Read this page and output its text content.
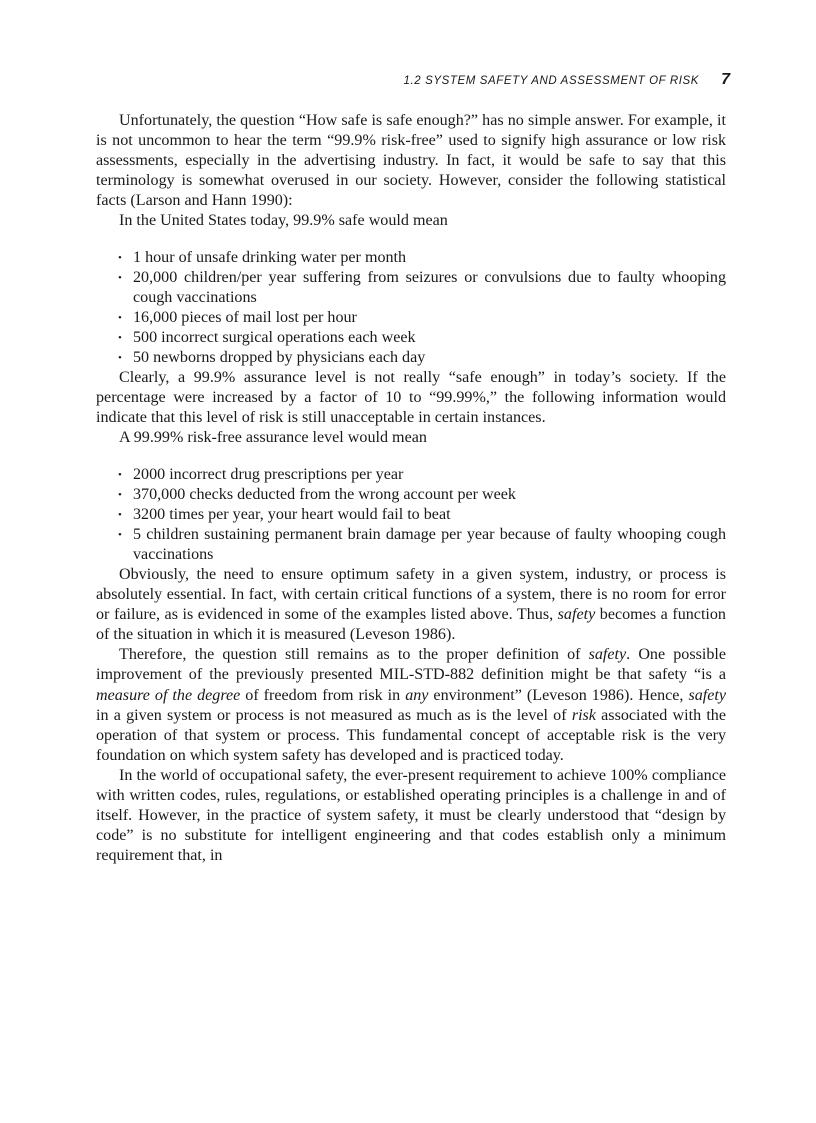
1.2 SYSTEM SAFETY AND ASSESSMENT OF RISK 7

Unfortunately, the question “How safe is safe enough?” has no simple answer. For example, it is not uncommon to hear the term “99.9% risk-free” used to signify high assurance or low risk assessments, especially in the advertising industry. In fact, it would be safe to say that this terminology is somewhat overused in our society. However, consider the following statistical facts (Larson and Hann 1990):

In the United States today, 99.9% safe would mean

• 1 hour of unsafe drinking water per month
• 20,000 children/per year suffering from seizures or convulsions due to faulty whooping cough vaccinations
• 16,000 pieces of mail lost per hour
• 500 incorrect surgical operations each week
• 50 newborns dropped by physicians each day

Clearly, a 99.9% assurance level is not really “safe enough” in today’s society. If the percentage were increased by a factor of 10 to “99.99%,” the following information would indicate that this level of risk is still unacceptable in certain instances.

A 99.99% risk-free assurance level would mean

• 2000 incorrect drug prescriptions per year
• 370,000 checks deducted from the wrong account per week
• 3200 times per year, your heart would fail to beat
• 5 children sustaining permanent brain damage per year because of faulty whooping cough vaccinations

Obviously, the need to ensure optimum safety in a given system, industry, or process is absolutely essential. In fact, with certain critical functions of a system, there is no room for error or failure, as is evidenced in some of the examples listed above. Thus, safety becomes a function of the situation in which it is measured (Leveson 1986).

Therefore, the question still remains as to the proper definition of safety. One possible improvement of the previously presented MIL-STD-882 definition might be that safety “is a measure of the degree of freedom from risk in any environment” (Leveson 1986). Hence, safety in a given system or process is not measured as much as is the level of risk associated with the operation of that system or process. This fundamental concept of acceptable risk is the very foundation on which system safety has developed and is practiced today.

In the world of occupational safety, the ever-present requirement to achieve 100% compliance with written codes, rules, regulations, or established operating principles is a challenge in and of itself. However, in the practice of system safety, it must be clearly understood that “design by code” is no substitute for intelligent engineering and that codes establish only a minimum requirement that, in
